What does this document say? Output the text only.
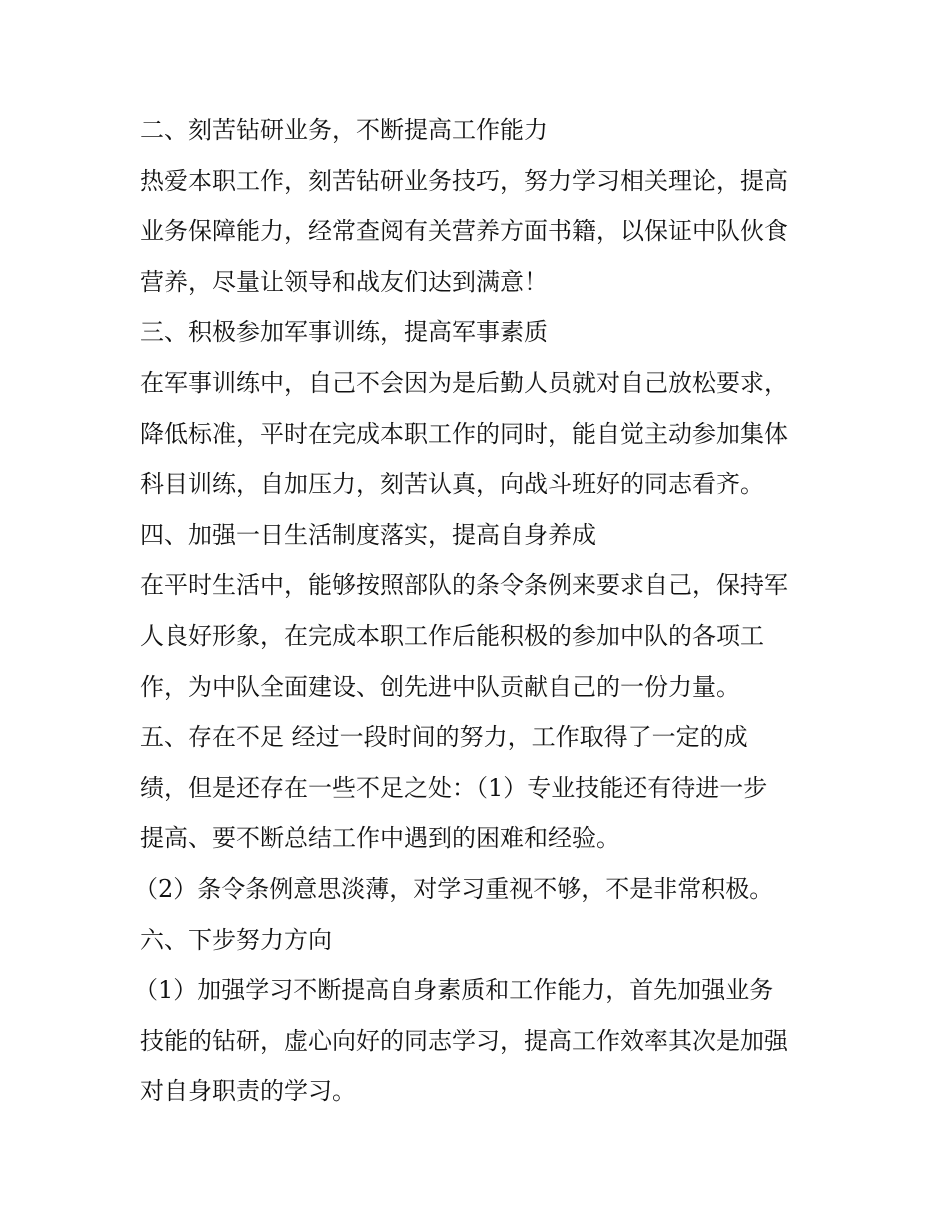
二、刻苦钻研业务，不断提高工作能力
热爱本职工作，刻苦钻研业务技巧，努力学习相关理论，提高
业务保障能力，经常查阅有关营养方面书籍，以保证中队伙食
营养，尽量让领导和战友们达到满意！
三、积极参加军事训练，提高军事素质
在军事训练中，自己不会因为是后勤人员就对自己放松要求，
降低标准，平时在完成本职工作的同时，能自觉主动参加集体
科目训练，自加压力，刻苦认真，向战斗班好的同志看齐。
四、加强一日生活制度落实，提高自身养成
在平时生活中，能够按照部队的条令条例来要求自己，保持军
人良好形象，在完成本职工作后能积极的参加中队的各项工
作，为中队全面建设、创先进中队贡献自己的一份力量。
五、存在不足 经过一段时间的努力，工作取得了一定的成
绩，但是还存在一些不足之处：（1）专业技能还有待进一步
提高、要不断总结工作中遇到的困难和经验。
（2）条令条例意思淡薄，对学习重视不够，不是非常积极。
六、下步努力方向
（1）加强学习不断提高自身素质和工作能力，首先加强业务
技能的钻研，虚心向好的同志学习，提高工作效率其次是加强
对自身职责的学习。
